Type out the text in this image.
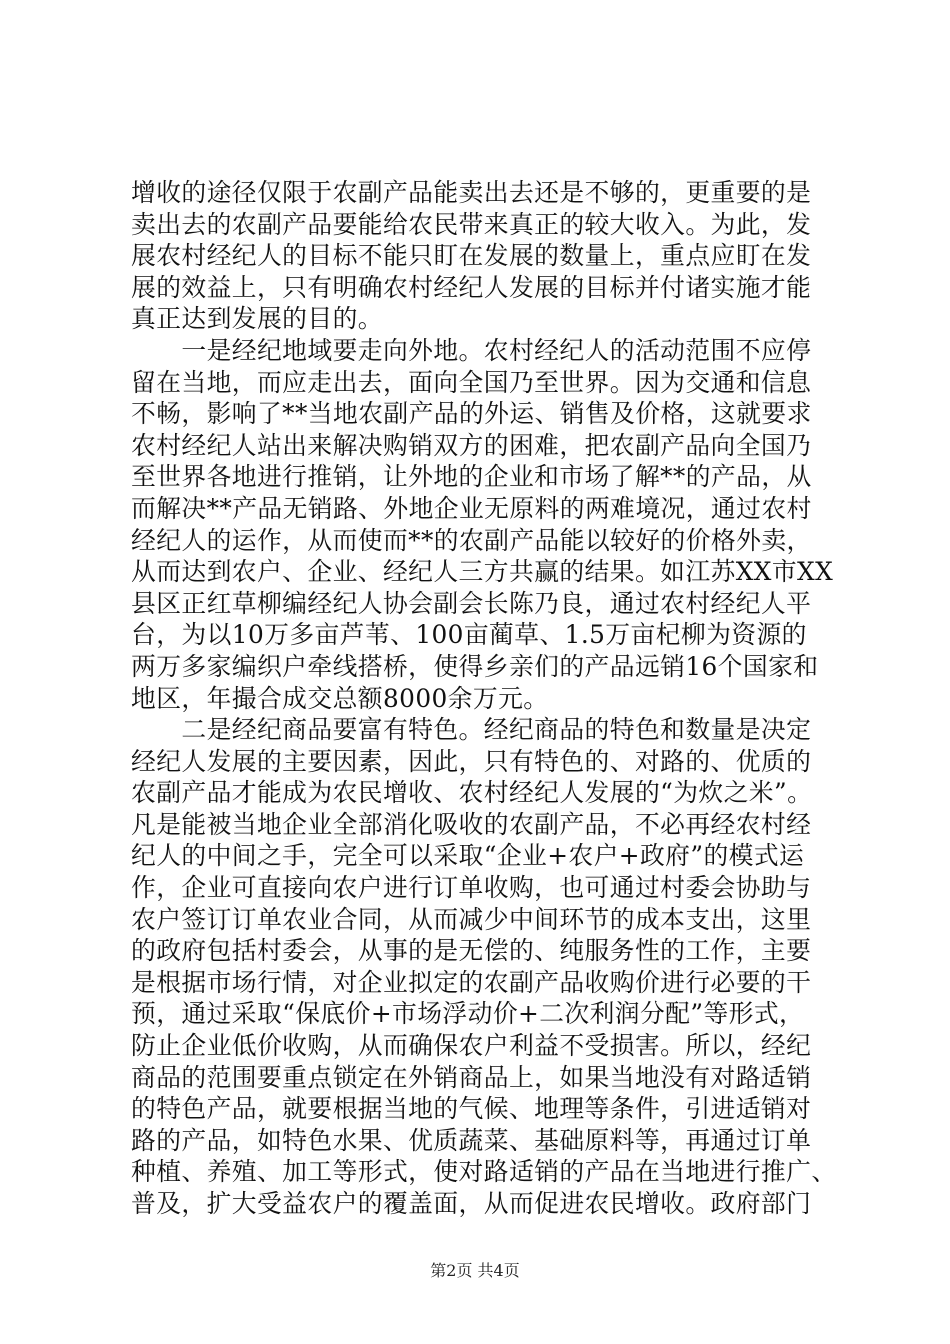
增收的途径仅限于农副产品能卖出去还是不够的，更重要的是
卖出去的农副产品要能给农民带来真正的较大收入。为此，发
展农村经纪人的目标不能只盯在发展的数量上，重点应盯在发
展的效益上，只有明确农村经纪人发展的目标并付诸实施才能
真正达到发展的目的。
　　一是经纪地域要走向外地。农村经纪人的活动范围不应停
留在当地，而应走出去，面向全国乃至世界。因为交通和信息
不畅，影响了**当地农副产品的外运、销售及价格，这就要求
农村经纪人站出来解决购销双方的困难，把农副产品向全国乃
至世界各地进行推销，让外地的企业和市场了解**的产品，从
而解决**产品无销路、外地企业无原料的两难境况，通过农村
经纪人的运作，从而使而**的农副产品能以较好的价格外卖，
从而达到农户、企业、经纪人三方共赢的结果。如江苏XX市XX
县区正红草柳编经纪人协会副会长陈乃良，通过农村经纪人平
台，为以10万多亩芦苇、100亩蔺草、1.5万亩杞柳为资源的
两万多家编织户牵线搭桥，使得乡亲们的产品远销16个国家和
地区，年撮合成交总额8000余万元。
　　二是经纪商品要富有特色。经纪商品的特色和数量是决定
经纪人发展的主要因素，因此，只有特色的、对路的、优质的
农副产品才能成为农民增收、农村经纪人发展的“为炊之米”。
凡是能被当地企业全部消化吸收的农副产品，不必再经农村经
纪人的中间之手，完全可以采取“企业+农户+政府”的模式运
作，企业可直接向农户进行订单收购，也可通过村委会协助与
农户签订订单农业合同，从而减少中间环节的成本支出，这里
的政府包括村委会，从事的是无偿的、纯服务性的工作，主要
是根据市场行情，对企业拟定的农副产品收购价进行必要的干
预，通过采取“保底价+市场浮动价+二次利润分配”等形式，
防止企业低价收购，从而确保农户利益不受损害。所以，经纪
商品的范围要重点锁定在外销商品上，如果当地没有对路适销
的特色产品，就要根据当地的气候、地理等条件，引进适销对
路的产品，如特色水果、优质蔬菜、基础原料等，再通过订单
种植、养殖、加工等形式，使对路适销的产品在当地进行推广、
普及，扩大受益农户的覆盖面，从而促进农民增收。政府部门
第2页 共4页
